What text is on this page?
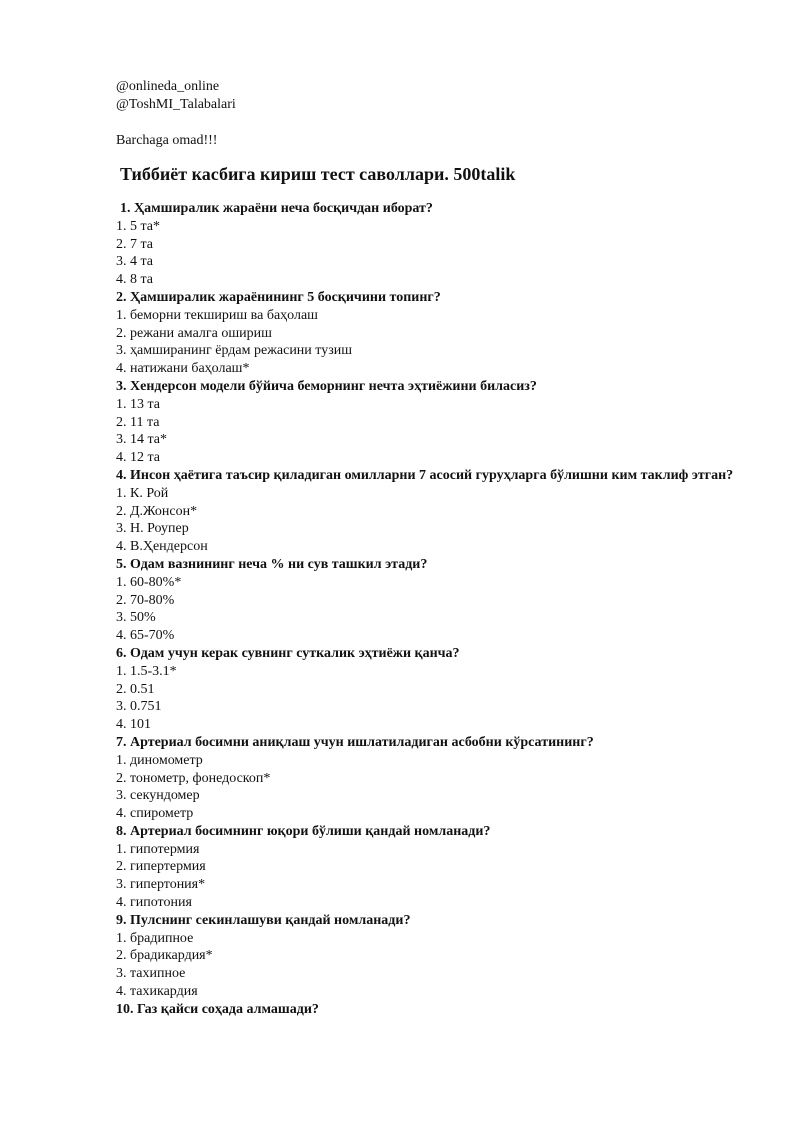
@onlineda_online
@ToshMI_Talabalari
Barchaga omad!!!
Тиббиёт касбига кириш тест саволлари. 500talik
1. Ҳамширалик жараёни неча босқичдан иборат?
1. 5 та*
2. 7 та
3. 4 та
4. 8 та
2. Ҳамширалик жараёнининг 5 босқичини топинг?
1. беморни текшириш ва баҳолаш
2. режани амалга ошириш
3. ҳамширанинг ёрдам режасини тузиш
4. натижани баҳолаш*
3. Хендерсон модели бўйича беморнинг нечта эҳтиёжини биласиз?
1. 13 та
2. 11 та
3. 14 та*
4. 12 та
4. Инсон ҳаётига таъсир қиладиган омилларни 7 асосий гуруҳларга бўлишни ким таклиф этган?
1. К. Рой
2. Д.Жонсон*
3. Н. Роупер
4. В.Ҳендерсон
5. Одам вазнининг неча % ни сув ташкил этади?
1. 60-80%*
2. 70-80%
3. 50%
4. 65-70%
6. Одам учун керак сувнинг суткалик эҳтиёжи қанча?
1. 1.5-3.1*
2. 0.51
3. 0.751
4. 101
7. Артериал босимни аниқлаш учун ишлатиладиган асбобни кўрсатининг?
1. диномометр
2. тонометр, фонедоскоп*
3. секундомер
4. спирометр
8. Артериал босимнинг юқори бўлиши қандай номланади?
1. гипотермия
2. гипертермия
3. гипертония*
4. гипотония
9. Пулснинг секинлашуви қандай номланади?
1. брадипное
2. брадикардия*
3. тахипное
4. тахикардия
10. Газ қайси соҳада алмашади?
